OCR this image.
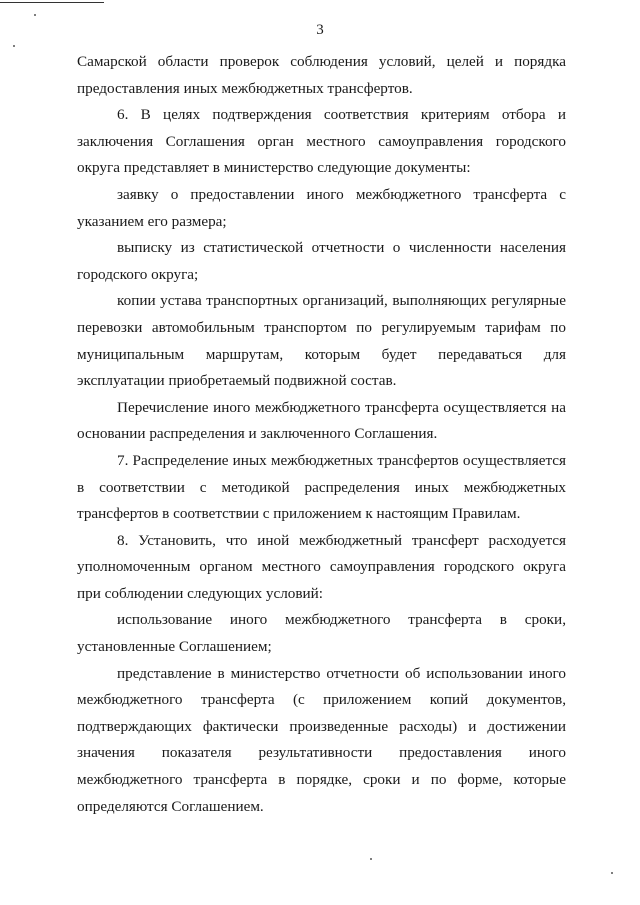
3

Самарской области проверок соблюдения условий, целей и порядка предоставления иных межбюджетных трансфертов.

6. В целях подтверждения соответствия критериям отбора и заключения Соглашения орган местного самоуправления городского округа представляет в министерство следующие документы:

заявку о предоставлении иного межбюджетного трансферта с указанием его размера;

выписку из статистической отчетности о численности населения городского округа;

копии устава транспортных организаций, выполняющих регулярные перевозки автомобильным транспортом по регулируемым тарифам по муниципальным маршрутам, которым будет передаваться для эксплуатации приобретаемый подвижной состав.

Перечисление иного межбюджетного трансферта осуществляется на основании распределения и заключенного Соглашения.

7. Распределение иных межбюджетных трансфертов осуществляется в соответствии с методикой распределения иных межбюджетных трансфертов в соответствии с приложением к настоящим Правилам.

8. Установить, что иной межбюджетный трансферт расходуется уполномоченным органом местного самоуправления городского округа при соблюдении следующих условий:

использование иного межбюджетного трансферта в сроки, установленные Соглашением;

представление в министерство отчетности об использовании иного межбюджетного трансферта (с приложением копий документов, подтверждающих фактически произведенные расходы) и достижении значения показателя результативности предоставления иного межбюджетного трансферта в порядке, сроки и по форме, которые определяются Соглашением.
